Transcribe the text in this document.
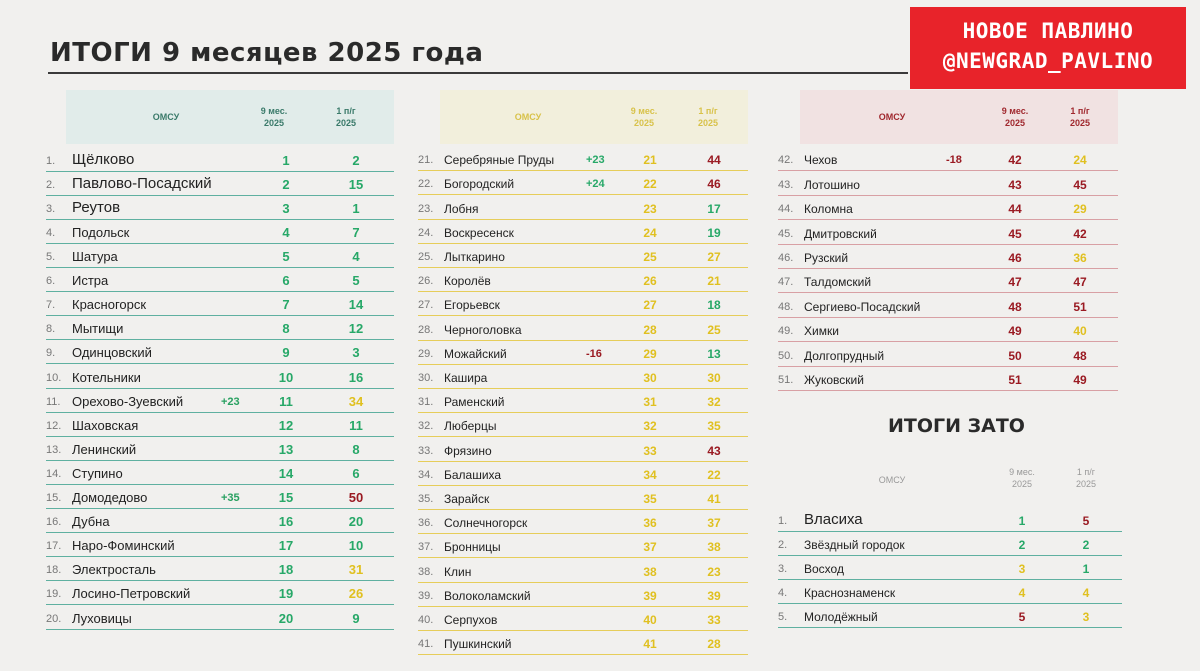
ИТОГИ 9 месяцев 2025 года
НОВОЕ ПАВЛИНО
@NEWGRAD_PAVLINO
ОМСУ
9 мес.
2025
1 п/г
2025
1.	Щёлково	1	2
2.	Павлово-Посадский	2	15
3.	Реутов	3	1
4.	Подольск	4	7
5.	Шатура	5	4
6.	Истра	6	5
7.	Красногорск	7	14
8.	Мытищи	8	12
9.	Одинцовский	9	3
10. Котельники	10	16
11. Орехово-Зуевский	+23	11	34
12. Шаховская	12	11
13. Ленинский	13	8
14. Ступино	14	6
15. Домодедово	+35	15	50
16. Дубна	16	20
17. Наро-Фоминский	17	10
18. Электросталь	18	31
19. Лосино-Петровский	19	26
20. Луховицы	20	9
ОМСУ
9 мес.
2025
1 п/г
2025
21. Серебряные Пруды	+23	21	44
22. Богородский	+24	22	46
23. Лобня	23	17
24. Воскресенск	24	19
25. Лыткарино	25	27
26. Королёв	26	21
27. Егорьевск	27	18
28. Черноголовка	28	25
29. Можайский	-16	29	13
30. Кашира	30	30
31. Раменский	31	32
32. Люберцы	32	35
33. Фрязино	33	43
34. Балашиха	34	22
35. Зарайск	35	41
36. Солнечногорск	36	37
37. Бронницы	37	38
38. Клин	38	23
39. Волоколамский	39	39
40. Серпухов	40	33
41. Пушкинский	41	28
ОМСУ
9 мес.
2025
1 п/г
2025
42. Чехов	-18	42	24
43. Лотошино	43	45
44. Коломна	44	29
45. Дмитровский	45	42
46. Рузский	46	36
47. Талдомский	47	47
48. Сергиево-Посадский	48	51
49. Химки	49	40
50. Долгопрудный	50	48
51. Жуковский	51	49
ИТОГИ ЗАТО
ОМСУ
9 мес.
2025
1 п/г
2025
1.	Власиха	1	5
2.	Звёздный городок	2	2
3.	Восход	3	1
4.	Краснознаменск	4	4
5.	Молодёжный	5	3
